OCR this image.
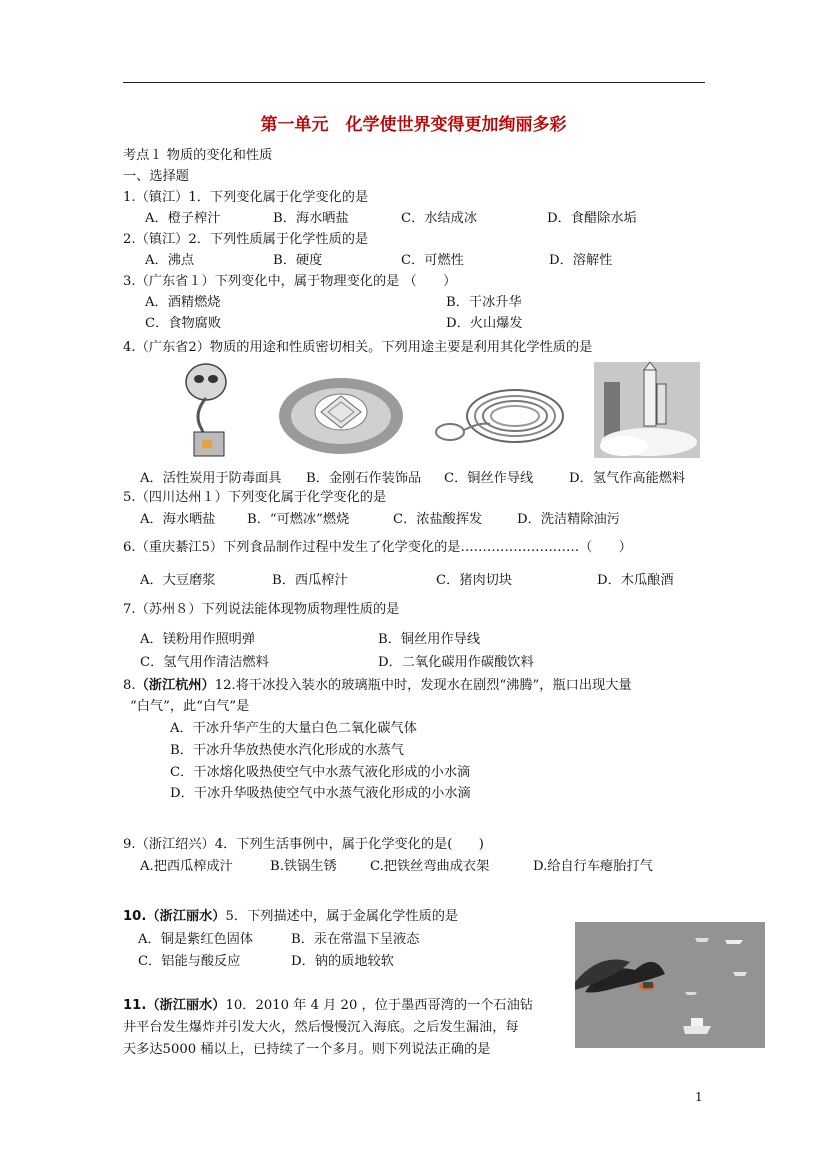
第一单元　化学使世界变得更加绚丽多彩
考点１ 物质的变化和性质
一、选择题
1.（镇江）1．下列变化属于化学变化的是
A．橙子榨汁	B．海水晒盐	C．水结成冰	D．食醋除水垢
2.（镇江）2．下列性质属于化学性质的是
A．沸点	B．硬度	C．可燃性	D．溶解性
3.（广东省１）下列变化中，属于物理变化的是 （　　）
A．酒精燃烧	B．干冰升华
C．食物腐败	D．火山爆发
4.（广东省2）物质的用途和性质密切相关。下列用途主要是利用其化学性质的是
A．活性炭用于防毒面具 B．金刚石作装饰品 C．铜丝作导线	D．氢气作高能燃料
5.（四川达州１）下列变化属于化学变化的是
A．海水晒盐 B．“可燃冰”燃烧	C．浓盐酸挥发	D．洗洁精除油污
6.（重庆綦江5）下列食品制作过程中发生了化学变化的是………………………（　　）
A．大豆磨浆	B．西瓜榨汁	C．猪肉切块	D．木瓜酿酒
7.（苏州８）下列说法能体现物质物理性质的是
A．镁粉用作照明弹	B．铜丝用作导线
C．氢气用作清洁燃料	D．二氧化碳用作碳酸饮料
8.（浙江杭州）12.将干冰投入装水的玻璃瓶中时，发现水在剧烈“沸腾”，瓶口出现大量
“白气”，此“白气”是
A．干冰升华产生的大量白色二氧化碳气体
B．干冰升华放热使水汽化形成的水蒸气
C．干冰熔化吸热使空气中水蒸气液化形成的小水滴
D．干冰升华吸热使空气中水蒸气液化形成的小水滴
9.（浙江绍兴）4．下列生活事例中，属于化学变化的是(　　)
A.把西瓜榨成汁	B.铁锅生锈	C.把铁丝弯曲成衣架	D.给自行车瘪胎打气
10.（浙江丽水）5．下列描述中，属于金属化学性质的是
A．铜是紫红色固体	B．汞在常温下呈液态
C．铝能与酸反应	D．钠的质地较软
11.（浙江丽水）10．2010 年 4 月 20 ，位于墨西哥湾的一个石油钻
井平台发生爆炸并引发大火，然后慢慢沉入海底。之后发生漏油，每
天多达5000 桶以上，已持续了一个多月。则下列说法正确的是
1
